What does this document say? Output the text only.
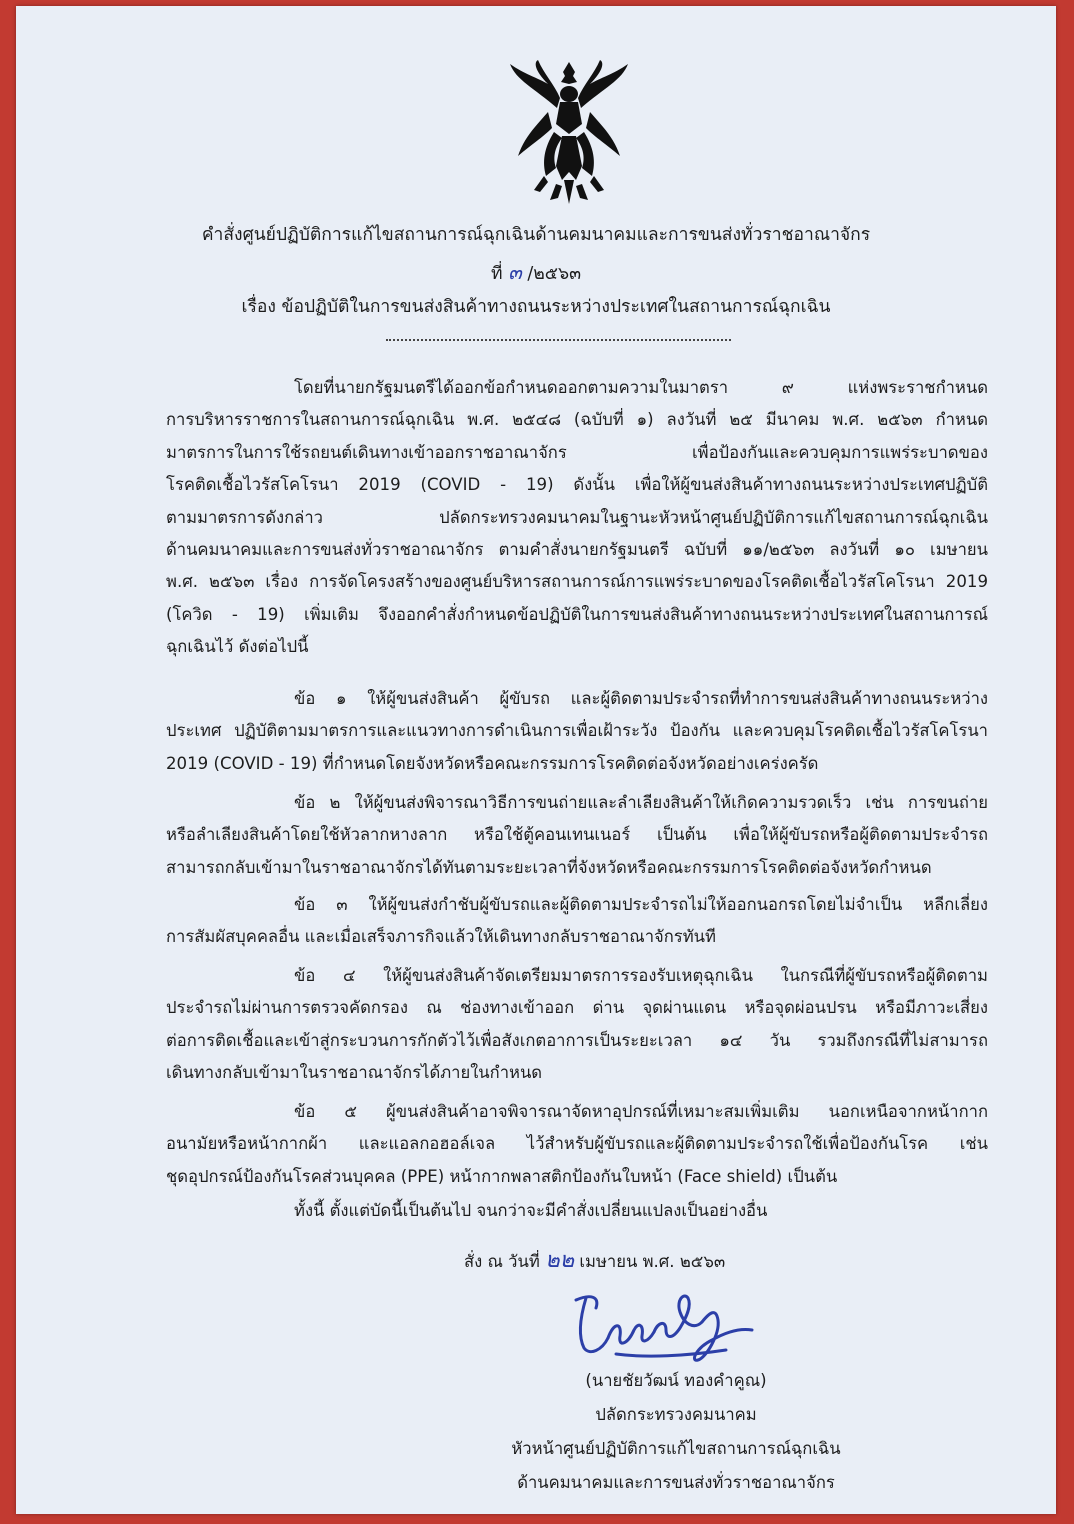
คำสั่งศูนย์ปฏิบัติการแก้ไขสถานการณ์ฉุกเฉินด้านคมนาคมและการขนส่งทั่วราชอาณาจักร
ที่ ๓ /๒๕๖๓
เรื่อง ข้อปฏิบัติในการขนส่งสินค้าทางถนนระหว่างประเทศในสถานการณ์ฉุกเฉิน
โดยที่นายกรัฐมนตรีได้ออกข้อกำหนดออกตามความในมาตรา ๙ แห่งพระราชกำหนด
การบริหารราชการในสถานการณ์ฉุกเฉิน พ.ศ. ๒๕๔๘ (ฉบับที่ ๑) ลงวันที่ ๒๕ มีนาคม พ.ศ. ๒๕๖๓ กำหนด
มาตรการในการใช้รถยนต์เดินทางเข้าออกราชอาณาจักร เพื่อป้องกันและควบคุมการแพร่ระบาดของ
โรคติดเชื้อไวรัสโคโรนา 2019 (COVID - 19) ดังนั้น เพื่อให้ผู้ขนส่งสินค้าทางถนนระหว่างประเทศปฏิบัติ
ตามมาตรการดังกล่าว ปลัดกระทรวงคมนาคมในฐานะหัวหน้าศูนย์ปฏิบัติการแก้ไขสถานการณ์ฉุกเฉิน
ด้านคมนาคมและการขนส่งทั่วราชอาณาจักร ตามคำสั่งนายกรัฐมนตรี ฉบับที่ ๑๑/๒๕๖๓ ลงวันที่ ๑๐ เมษายน
พ.ศ. ๒๕๖๓ เรื่อง การจัดโครงสร้างของศูนย์บริหารสถานการณ์การแพร่ระบาดของโรคติดเชื้อไวรัสโคโรนา 2019
(โควิด - 19) เพิ่มเติม จึงออกคำสั่งกำหนดข้อปฏิบัติในการขนส่งสินค้าทางถนนระหว่างประเทศในสถานการณ์
ฉุกเฉินไว้ ดังต่อไปนี้
ข้อ ๑ ให้ผู้ขนส่งสินค้า ผู้ขับรถ และผู้ติดตามประจำรถที่ทำการขนส่งสินค้าทางถนนระหว่าง
ประเทศ ปฏิบัติตามมาตรการและแนวทางการดำเนินการเพื่อเฝ้าระวัง ป้องกัน และควบคุมโรคติดเชื้อไวรัสโคโรนา
2019 (COVID - 19) ที่กำหนดโดยจังหวัดหรือคณะกรรมการโรคติดต่อจังหวัดอย่างเคร่งครัด
ข้อ ๒ ให้ผู้ขนส่งพิจารณาวิธีการขนถ่ายและลำเลียงสินค้าให้เกิดความรวดเร็ว เช่น การขนถ่าย
หรือลำเลียงสินค้าโดยใช้หัวลากหางลาก หรือใช้ตู้คอนเทนเนอร์ เป็นต้น เพื่อให้ผู้ขับรถหรือผู้ติดตามประจำรถ
สามารถกลับเข้ามาในราชอาณาจักรได้ทันตามระยะเวลาที่จังหวัดหรือคณะกรรมการโรคติดต่อจังหวัดกำหนด
ข้อ ๓ ให้ผู้ขนส่งกำชับผู้ขับรถและผู้ติดตามประจำรถไม่ให้ออกนอกรถโดยไม่จำเป็น หลีกเลี่ยง
การสัมผัสบุคคลอื่น และเมื่อเสร็จภารกิจแล้วให้เดินทางกลับราชอาณาจักรทันที
ข้อ ๔ ให้ผู้ขนส่งสินค้าจัดเตรียมมาตรการรองรับเหตุฉุกเฉิน ในกรณีที่ผู้ขับรถหรือผู้ติดตาม
ประจำรถไม่ผ่านการตรวจคัดกรอง ณ ช่องทางเข้าออก ด่าน จุดผ่านแดน หรือจุดผ่อนปรน หรือมีภาวะเสี่ยง
ต่อการติดเชื้อและเข้าสู่กระบวนการกักตัวไว้เพื่อสังเกตอาการเป็นระยะเวลา ๑๔ วัน รวมถึงกรณีที่ไม่สามารถ
เดินทางกลับเข้ามาในราชอาณาจักรได้ภายในกำหนด
ข้อ ๕ ผู้ขนส่งสินค้าอาจพิจารณาจัดหาอุปกรณ์ที่เหมาะสมเพิ่มเติม นอกเหนือจากหน้ากาก
อนามัยหรือหน้ากากผ้า และแอลกอฮอล์เจล ไว้สำหรับผู้ขับรถและผู้ติดตามประจำรถใช้เพื่อป้องกันโรค เช่น
ชุดอุปกรณ์ป้องกันโรคส่วนบุคคล (PPE) หน้ากากพลาสติกป้องกันใบหน้า (Face shield) เป็นต้น
ทั้งนี้ ตั้งแต่บัดนี้เป็นต้นไป จนกว่าจะมีคำสั่งเปลี่ยนแปลงเป็นอย่างอื่น
สั่ง ณ วันที่ ๒๒ เมษายน พ.ศ. ๒๕๖๓
(นายชัยวัฒน์ ทองคำคูณ)
ปลัดกระทรวงคมนาคม
หัวหน้าศูนย์ปฏิบัติการแก้ไขสถานการณ์ฉุกเฉิน
ด้านคมนาคมและการขนส่งทั่วราชอาณาจักร
